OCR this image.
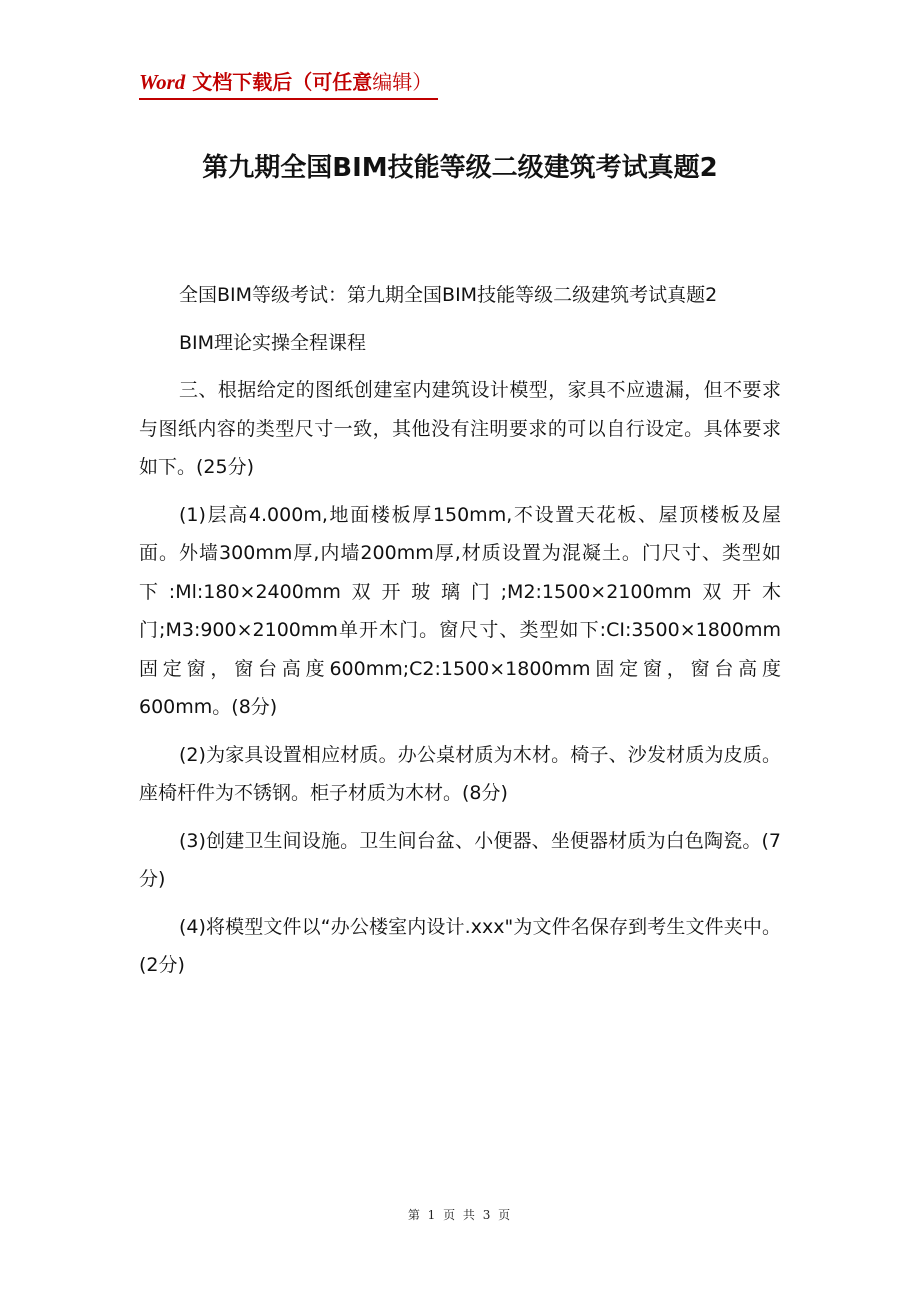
Word 文档下载后（可任意编辑）
第九期全国BIM技能等级二级建筑考试真题2

全国BIM等级考试：第九期全国BIM技能等级二级建筑考试真题2

BIM理论实操全程课程

三、根据给定的图纸创建室内建筑设计模型，家具不应遗漏，但不要求与图纸内容的类型尺寸一致，其他没有注明要求的可以自行设定。具体要求如下。(25分)

(1)层高4.000m,地面楼板厚150mm,不设置天花板、屋顶楼板及屋面。外墙300mm厚,内墙200mm厚,材质设置为混凝土。门尺寸、类型如下:Ml:180×2400mm双开玻璃门;M2:1500×2100mm双开木门;M3:900×2100mm单开木门。窗尺寸、类型如下:CI:3500×1800mm固定窗，窗台高度600mm;C2:1500×1800mm固定窗，窗台高度600mm。(8分)

(2)为家具设置相应材质。办公桌材质为木材。椅子、沙发材质为皮质。座椅杆件为不锈钢。柜子材质为木材。(8分)

(3)创建卫生间设施。卫生间台盆、小便器、坐便器材质为白色陶瓷。(7分)

(4)将模型文件以“办公楼室内设计.xxx"为文件名保存到考生文件夹中。(2分)

第 1 页 共 3 页
